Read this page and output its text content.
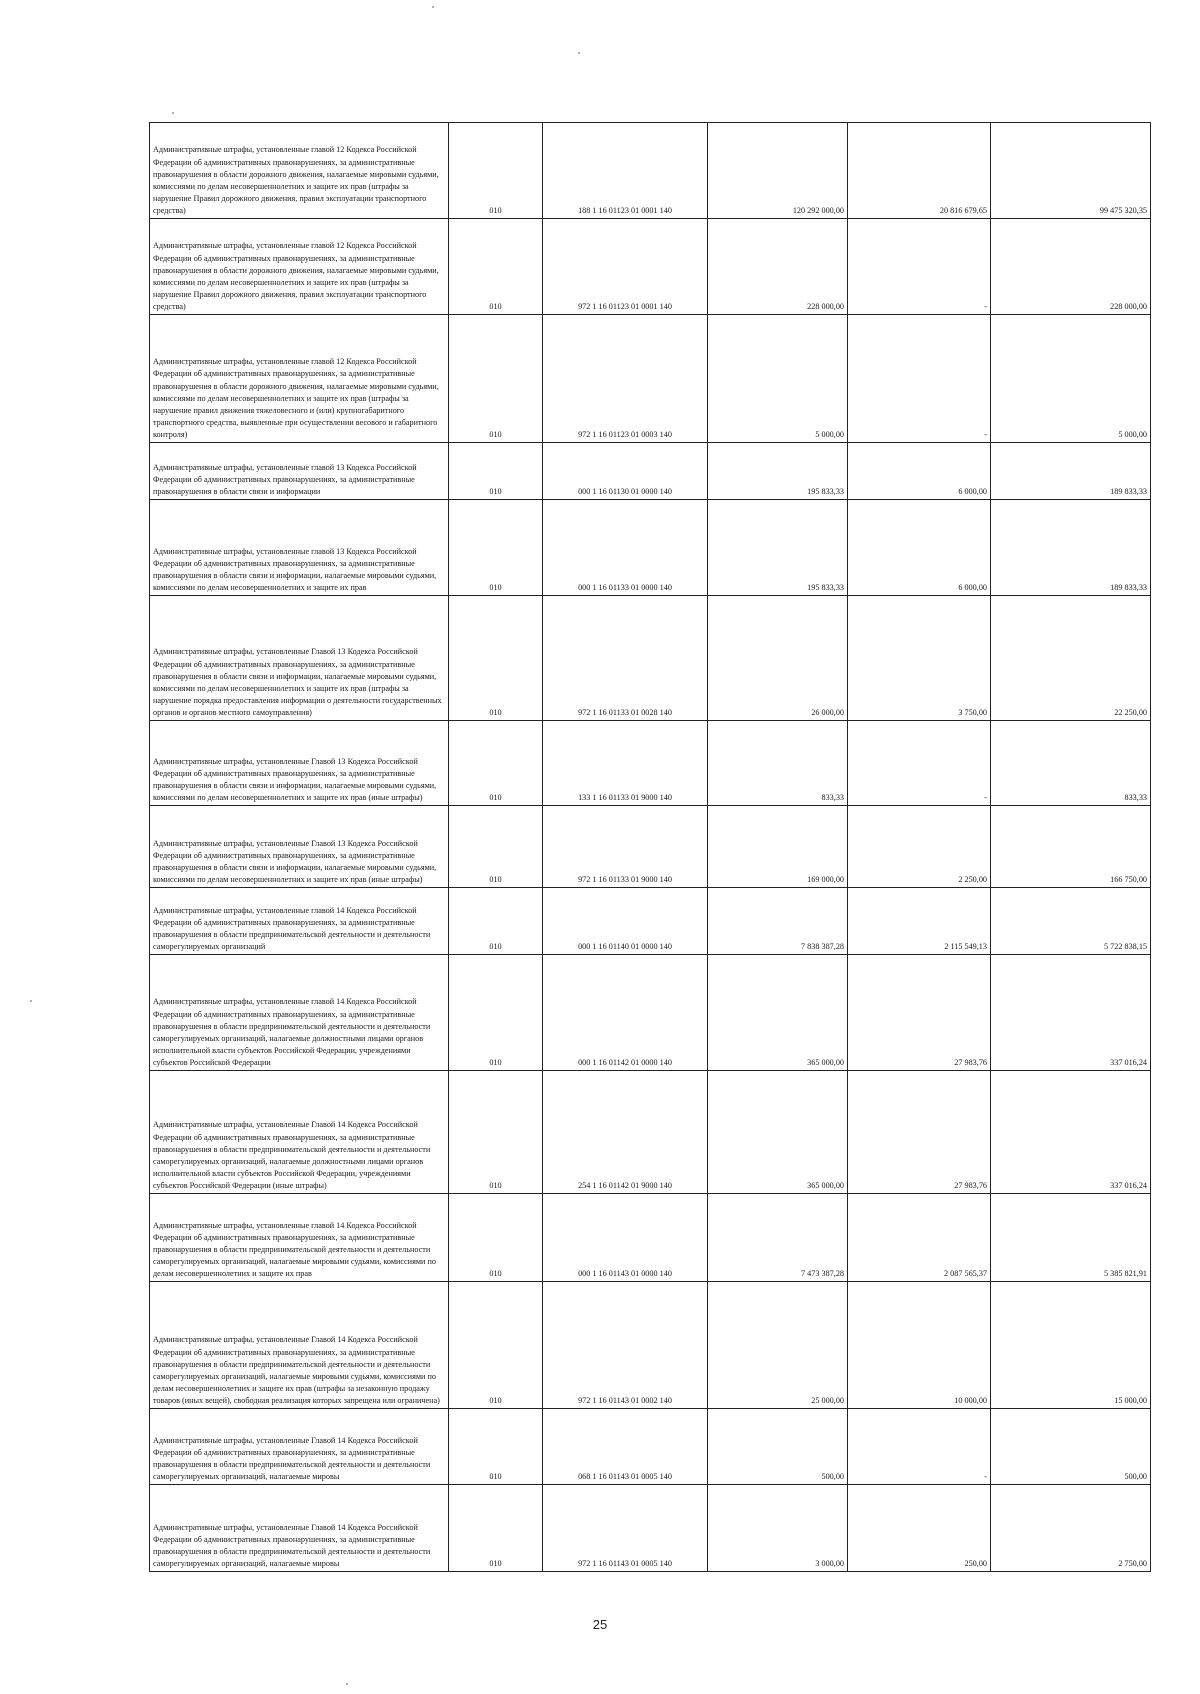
Административные штрафы, установленные главой 12 Кодекса Российской Федерации об административных правонарушениях, за административные правонарушения в области дорожного движения, налагаемые мировыми судьями, комиссиями по делам несовершеннолетних и защите их прав (штрафы за нарушение Правил дорожного движения, правил эксплуатации транспортного средства)	010	188 1 16 01123 01 0001 140	120 292 000,00	20 816 679,65	99 475 320,35

Административные штрафы, установленные главой 12 Кодекса Российской Федерации об административных правонарушениях, за административные правонарушения в области дорожного движения, налагаемые мировыми судьями, комиссиями по делам несовершеннолетних и защите их прав (штрафы за нарушение Правил дорожного движения, правил эксплуатации транспортного средства)	010	972 1 16 01123 01 0001 140	228 000,00	-	228 000,00

Административные штрафы, установленные главой 12 Кодекса Российской Федерации об административных правонарушениях, за административные правонарушения в области дорожного движения, налагаемые мировыми судьями, комиссиями по делам несовершеннолетних и защите их прав (штрафы за нарушение правил движения тяжеловесного и (или) крупногабаритного транспортного средства, выявленные при осуществлении весового и габаритного контроля)	010	972 1 16 01123 01 0003 140	5 000,00	-	5 000,00

Административные штрафы, установленные главой 13 Кодекса Российской Федерации об административных правонарушениях, за административные правонарушения в области связи и информации	010	000 1 16 01130 01 0000 140	195 833,33	6 000,00	189 833,33

Административные штрафы, установленные главой 13 Кодекса Российской Федерации об административных правонарушениях, за административные правонарушения в области связи и информации, налагаемые мировыми судьями, комиссиями по делам несовершеннолетних и защите их прав	010	000 1 16 01133 01 0000 140	195 833,33	6 000,00	189 833,33

Административные штрафы, установленные Главой 13 Кодекса Российской Федерации об административных правонарушениях, за административные правонарушения в области связи и информации, налагаемые мировыми судьями, комиссиями по делам несовершеннолетних и защите их прав (штрафы за нарушение порядка предоставления информации о деятельности государственных органов и органов местного самоуправления)	010	972 1 16 01133 01 0028 140	26 000,00	3 750,00	22 250,00

Административные штрафы, установленные Главой 13 Кодекса Российской Федерации об административных правонарушениях, за административные правонарушения в области связи и информации, налагаемые мировыми судьями, комиссиями по делам несовершеннолетних и защите их прав (иные штрафы)	010	133 1 16 01133 01 9000 140	833,33	-	833,33

Административные штрафы, установленные Главой 13 Кодекса Российской Федерации об административных правонарушениях, за административные правонарушения в области связи и информации, налагаемые мировыми судьями, комиссиями по делам несовершеннолетних и защите их прав (иные штрафы)	010	972 1 16 01133 01 9000 140	169 000,00	2 250,00	166 750,00

Административные штрафы, установленные главой 14 Кодекса Российской Федерации об административных правонарушениях, за административные правонарушения в области предпринимательской деятельности и деятельности саморегулируемых организаций	010	000 1 16 01140 01 0000 140	7 838 387,28	2 115 549,13	5 722 838,15

Административные штрафы, установленные главой 14 Кодекса Российской Федерации об административных правонарушениях, за административные правонарушения в области предпринимательской деятельности и деятельности саморегулируемых организаций, налагаемые должностными лицами органов исполнительной власти субъектов Российской Федерации, учреждениями субъектов Российской Федерации	010	000 1 16 01142 01 0000 140	365 000,00	27 983,76	337 016,24

Административные штрафы, установленные Главой 14 Кодекса Российской Федерации об административных правонарушениях, за административные правонарушения в области предпринимательской деятельности и деятельности саморегулируемых организаций, налагаемые должностными лицами органов исполнительной власти субъектов Российской Федерации, учреждениями субъектов Российской Федерации (иные штрафы)	010	254 1 16 01142 01 9000 140	365 000,00	27 983,76	337 016,24

Административные штрафы, установленные главой 14 Кодекса Российской Федерации об административных правонарушениях, за административные правонарушения в области предпринимательской деятельности и деятельности саморегулируемых организаций, налагаемые мировыми судьями, комиссиями по делам несовершеннолетних и защите их прав	010	000 1 16 01143 01 0000 140	7 473 387,28	2 087 565,37	5 385 821,91

Административные штрафы, установленные Главой 14 Кодекса Российской Федерации об административных правонарушениях, за административные правонарушения в области предпринимательской деятельности и деятельности саморегулируемых организаций, налагаемые мировыми судьями, комиссиями по делам несовершеннолетних и защите их прав (штрафы за незаконную продажу товаров (иных вещей), свободная реализация которых запрещена или ограничена)	010	972 1 16 01143 01 0002 140	25 000,00	10 000,00	15 000,00

Административные штрафы, установленные Главой 14 Кодекса Российской Федерации об административных правонарушениях, за административные правонарушения в области предпринимательской деятельности и деятельности саморегулируемых организаций, налагаемые мировы	010	068 1 16 01143 01 0005 140	500,00	-	500,00

Административные штрафы, установленные Главой 14 Кодекса Российской Федерации об административных правонарушениях, за административные правонарушения в области предпринимательской деятельности и деятельности саморегулируемых организаций, налагаемые мировы	010	972 1 16 01143 01 0005 140	3 000,00	250,00	2 750,00
25
